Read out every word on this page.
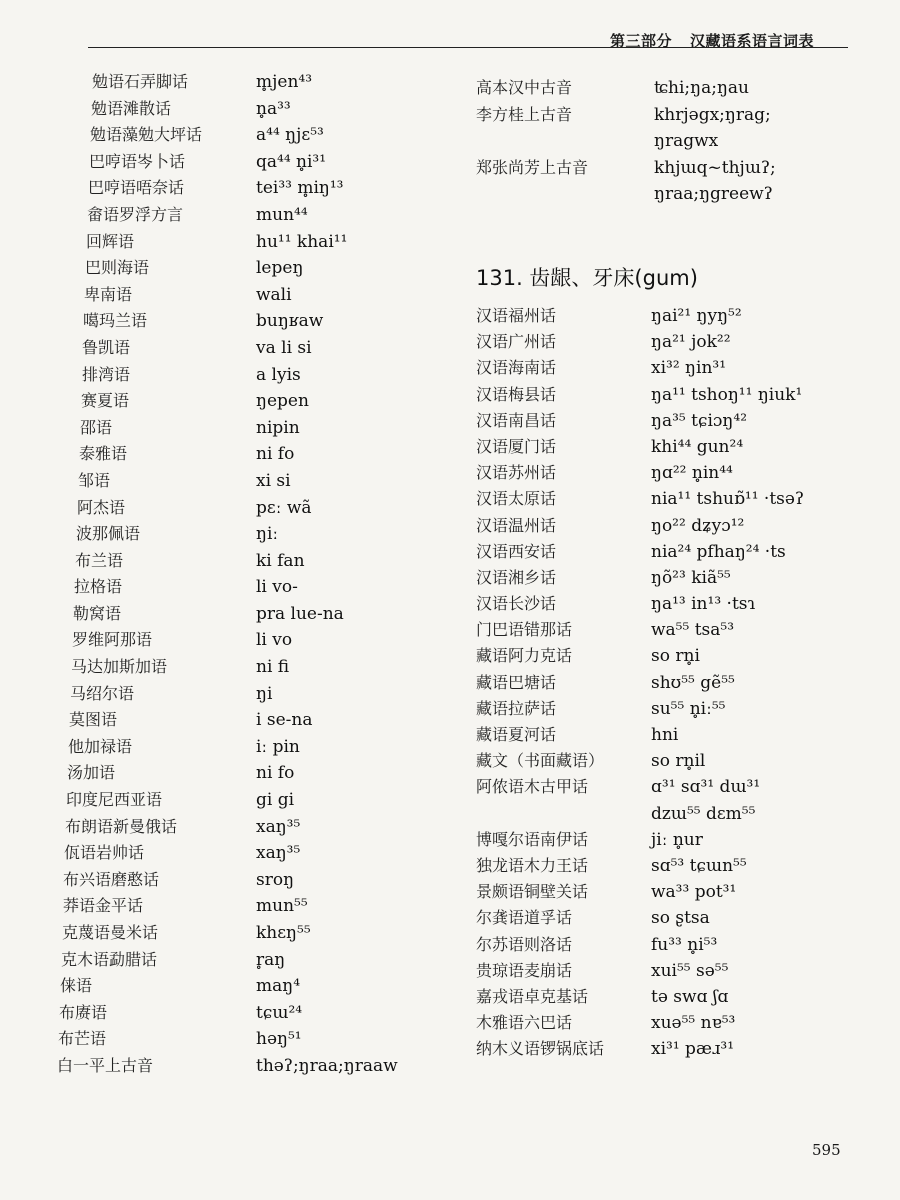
第三部分 汉藏语系语言词表
勉语石弄脚话	m̥jen⁴³
勉语滩散话	n̥a³³
勉语藻勉大坪话	a⁴⁴ ŋjɛ⁵³
巴哼语岑卜话	qa⁴⁴ n̥i³¹
巴哼语唔奈话	tei³³ m̥iŋ¹³
畲语罗浮方言	mun⁴⁴
回辉语	hu¹¹ khai¹¹
巴则海语	lepeŋ
卑南语	wali
噶玛兰语	buŋʁaw
鲁凯语	va li si
排湾语	a lyis
赛夏语	ŋepen
邵语	nipin
泰雅语	ni fo
邹语	xi si
阿杰语	pɛː wã
波那佩语	ŋiː
布兰语	ki fan
拉格语	li vo-
勒窝语	pra lue-na
罗维阿那语	li vo
马达加斯加语	ni fi
马绍尔语	ŋi
莫图语	i se-na
他加禄语	iː pin
汤加语	ni fo
印度尼西亚语	gi gi
布朗语新曼俄话	xaŋ³⁵
佤语岩帅话	xaŋ³⁵
布兴语磨憨话	sroŋ
莽语金平话	mun⁵⁵
克蔑语曼米话	khɛŋ⁵⁵
克木语勐腊话	r̥aŋ
俫语	maŋ⁴
布赓语	tɕɯ²⁴
布芒语	həŋ⁵¹
白一平上古音	thəʔ;ŋraa;ŋraaw
高本汉中古音	ʨhi;ŋa;ŋau
李方桂上古音	khrjəgx;ŋrag;
ŋragwx
郑张尚芳上古音	khjɯq~thjɯʔ;
ŋraa;ŋgreewʔ
131. 齿龈、牙床(gum)
汉语福州话	ŋai²¹ ŋyŋ⁵²
汉语广州话	ŋa²¹ jok²²
汉语海南话	xi³² ŋin³¹
汉语梅县话	ŋa¹¹ tshoŋ¹¹ ŋiuk¹
汉语南昌话	ŋa³⁵ tɕiɔŋ⁴²
汉语厦门话	khi⁴⁴ gun²⁴
汉语苏州话	ŋɑ²² n̥in⁴⁴
汉语太原话	nia¹¹ tshuɒ̃¹¹ ·tsəʔ
汉语温州话	ŋo²² dʑyɔ¹²
汉语西安话	nia²⁴ pfhaŋ²⁴ ·ts
汉语湘乡话	ŋõ²³ kiã⁵⁵
汉语长沙话	ŋa¹³ in¹³ ·tsɿ
门巴语错那话	wa⁵⁵ tsa⁵³
藏语阿力克话	so rn̥i
藏语巴塘话	shʊ⁵⁵ gẽ⁵⁵
藏语拉萨话	su⁵⁵ n̥iː⁵⁵
藏语夏河话	hni
藏文（书面藏语）	so rn̥il
阿侬语木古甲话	ɑ³¹ sɑ³¹ dɯ³¹
dzɯ⁵⁵ dɛm⁵⁵
博嘎尔语南伊话	jiː n̥ur
独龙语木力王话	sɑ⁵³ tɕɯn⁵⁵
景颇语铜壁关话	wa³³ pot³¹
尔龚语道孚话	so ʂtsa
尔苏语则洛话	fu³³ n̥i⁵³
贵琼语麦崩话	xui⁵⁵ sə⁵⁵
嘉戎语卓克基话	tə swɑ ʃɑ
木雅语六巴话	xuə⁵⁵ nɐ⁵³
纳木义语锣锅底话	xi³¹ pæɹ³¹
595
